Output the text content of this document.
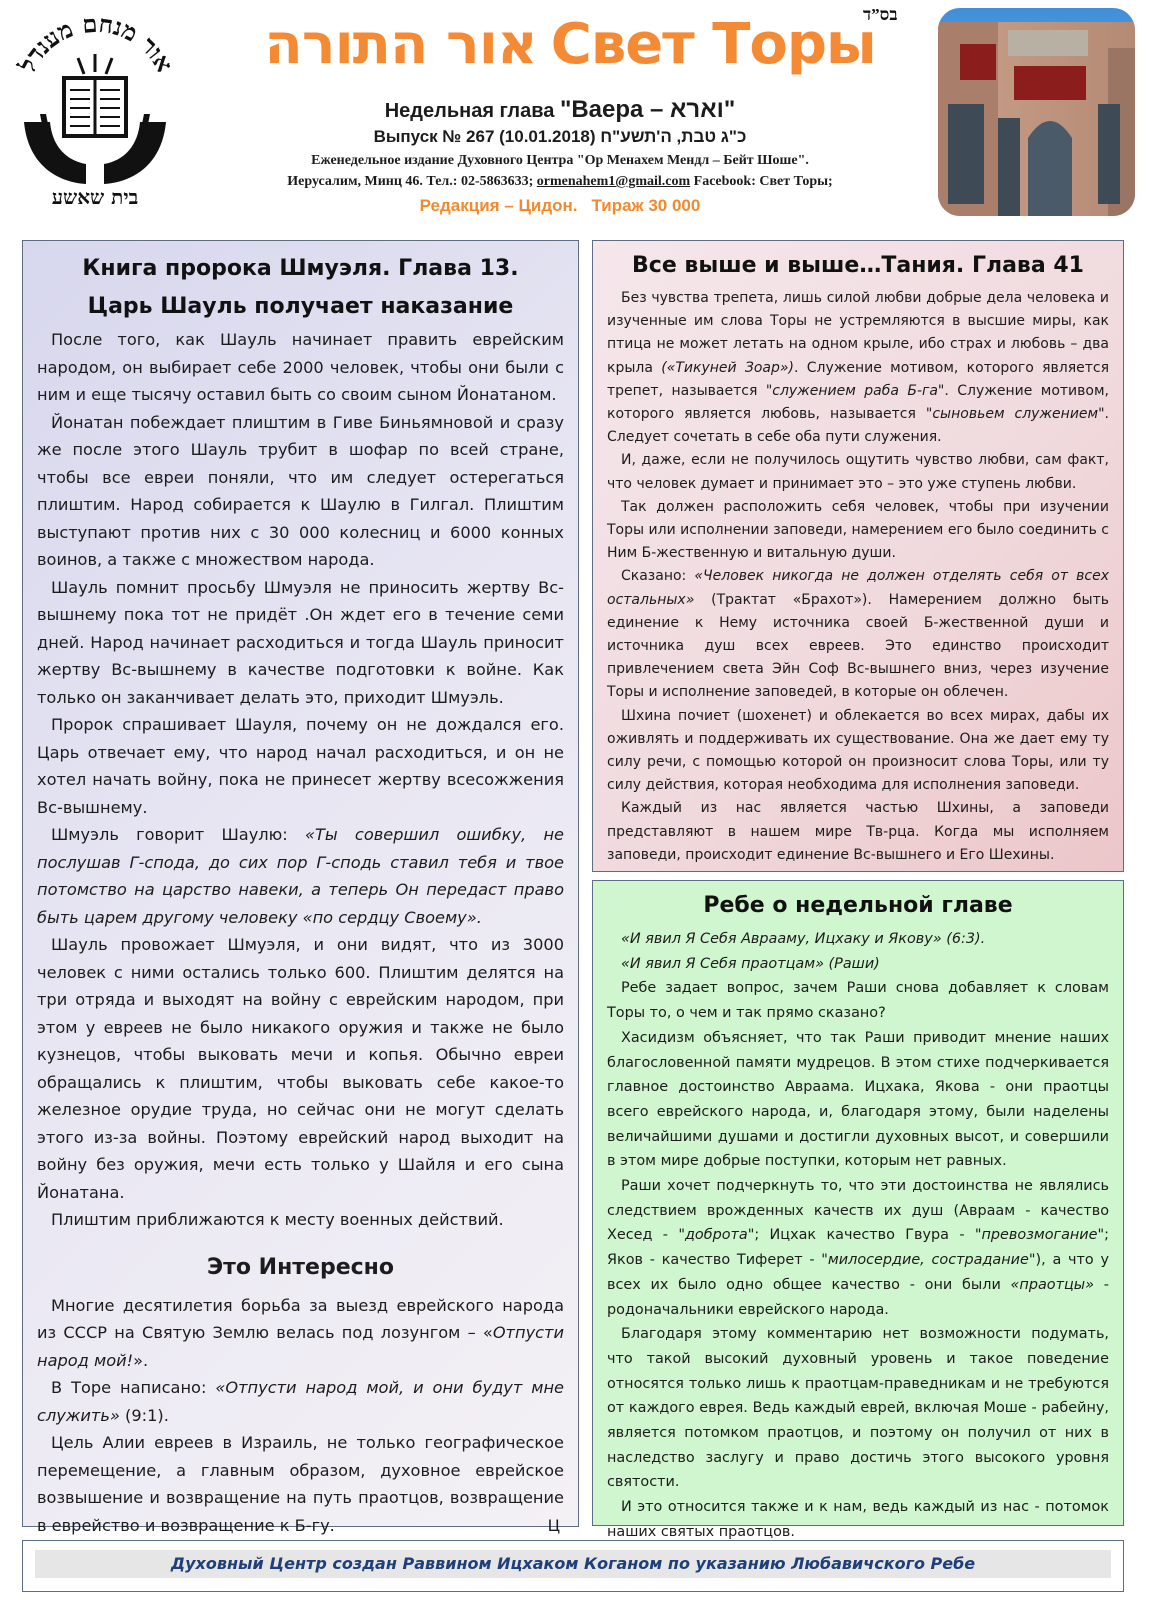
אור מנחם מענדל
בית שאשע
בס”ד
אור התורה Свет Торы
Недельная глава "Ваера – וארא"
Выпуск № 267 (10.01.2018) כ"ג טבת, ה'תשע"ח
Еженедельное издание Духовного Центра "Ор Менахем Мендл – Бейт Шоше".
Иерусалим, Минц 46. Тел.: 02-5863633; ormenahem1@gmail.com Facebook: Свет Торы;
Редакция – Цидон. Тираж 30 000
Книга пророка Шмуэля. Глава 13.
Царь Шауль получает наказание

После того, как Шауль начинает править еврейским народом, он выбирает себе 2000 человек, чтобы они были с ним и еще тысячу оставил быть со своим сыном Йонатаном.

Йонатан побеждает плиштим в Гиве Биньямновой и сразу же после этого Шауль трубит в шофар по всей стране, чтобы все евреи поняли, что им следует остерегаться плиштим. Народ собирается к Шаулю в Гилгал. Плиштим выступают против них с 30 000 колесниц и 6000 конных воинов, а также с множеством народа.

Шауль помнит просьбу Шмуэля не приносить жертву Вс-вышнему пока тот не придёт .Он ждет его в течение семи дней. Народ начинает расходиться и тогда Шауль приносит жертву Вс-вышнему в качестве подготовки к войне. Как только он заканчивает делать это, приходит Шмуэль.

Пророк спрашивает Шауля, почему он не дождался его. Царь отвечает ему, что народ начал расходиться, и он не хотел начать войну, пока не принесет жертву всесожжения Вс-вышнему.

Шмуэль говорит Шаулю: «Ты совершил ошибку, не послушав Г-спода, до сих пор Г-сподь ставил тебя и твое потомство на царство навеки, а теперь Он передаст право быть царем другому человеку «по сердцу Своему».

Шауль провожает Шмуэля, и они видят, что из 3000 человек с ними остались только 600. Плиштим делятся на три отряда и выходят на войну с еврейским народом, при этом у евреев не было никакого оружия и также не было кузнецов, чтобы выковать мечи и копья. Обычно евреи обращались к плиштим, чтобы выковать себе какое-то железное орудие труда, но сейчас они не могут сделать этого из-за войны. Поэтому еврейский народ выходит на войну без оружия, мечи есть только у Шайля и его сына Йонатана.

Плиштим приближаются к месту военных действий.

Это Интересно

Многие десятилетия борьба за выезд еврейского народа из СССР на Святую Землю велась под лозунгом – «Отпусти народ мой!».

В Торе написано: «Отпусти народ мой, и они будут мне служить» (9:1).

Цель Алии евреев в Израиль, не только географическое перемещение, а главным образом, духовное еврейское возвышение и возвращение на путь праотцов, возвращение в еврейство и возвращение к Б-гу.	Ц
Все выше и выше…Тания. Глава 41

Без чувства трепета, лишь силой любви добрые дела человека и изученные им слова Торы не устремляются в высшие миры, как птица не может летать на одном крыле, ибо страх и любовь – два крыла («Тикуней Зоар»). Служение мотивом, которого является трепет, называется "служением раба Б-га". Служение мотивом, которого является любовь, называется "сыновьем служением". Следует сочетать в себе оба пути служения.

И, даже, если не получилось ощутить чувство любви, сам факт, что человек думает и принимает это – это уже ступень любви.

Так должен расположить себя человек, чтобы при изучении Торы или исполнении заповеди, намерением его было соединить с Ним Б-жественную и витальную души.

Сказано: «Человек никогда не должен отделять себя от всех остальных» (Трактат «Брахот»). Намерением должно быть единение к Нему источника своей Б-жественной души и источника душ всех евреев. Это единство происходит привлечением света Эйн Соф Вс-вышнего вниз, через изучение Торы и исполнение заповедей, в которые он облечен.

Шхина почиет (шохенет) и облекается во всех мирах, дабы их оживлять и поддерживать их существование. Она же дает ему ту силу речи, с помощью которой он произносит слова Торы, или ту силу действия, которая необходима для исполнения заповеди.

Каждый из нас является частью Шхины, а заповеди представляют в нашем мире Тв-рца. Когда мы исполняем заповеди, происходит единение Вс-вышнего и Его Шехины.

Ребе о недельной главе

«И явил Я Себя Аврааму, Ицхаку и Якову» (6:3).

«И явил Я Себя праотцам» (Раши)

Ребе задает вопрос, зачем Раши снова добавляет к словам Торы то, о чем и так прямо сказано?

Хасидизм объясняет, что так Раши приводит мнение наших благословенной памяти мудрецов. В этом стихе подчеркивается главное достоинство Авраама. Ицхака, Якова - они праотцы всего еврейского народа, и, благодаря этому, были наделены величайшими душами и достигли духовных высот, и совершили в этом мире добрые поступки, которым нет равных.

Раши хочет подчеркнуть то, что эти достоинства не являлись следствием врожденных качеств их душ (Авраам - качество Хесед - "доброта"; Ицхак качество Гвура - "превозмогание"; Яков - качество Тиферет - "милосердие, сострадание"), а что у всех их было одно общее качество - они были «праотцы» - родоначальники еврейского народа.

Благодаря этому комментарию нет возможности подумать, что такой высокий духовный уровень и такое поведение относятся только лишь к праотцам-праведникам и не требуются от каждого еврея. Ведь каждый еврей, включая Моше - рабейну, является потомком праотцов, и поэтому он получил от них в наследство заслугу и право достичь этого высокого уровня святости.

И это относится также и к нам, ведь каждый из нас - потомок наших святых праотцов.

Духовный Центр создан Раввином Ицхаком Коганом по указанию Любавичского Ребе
